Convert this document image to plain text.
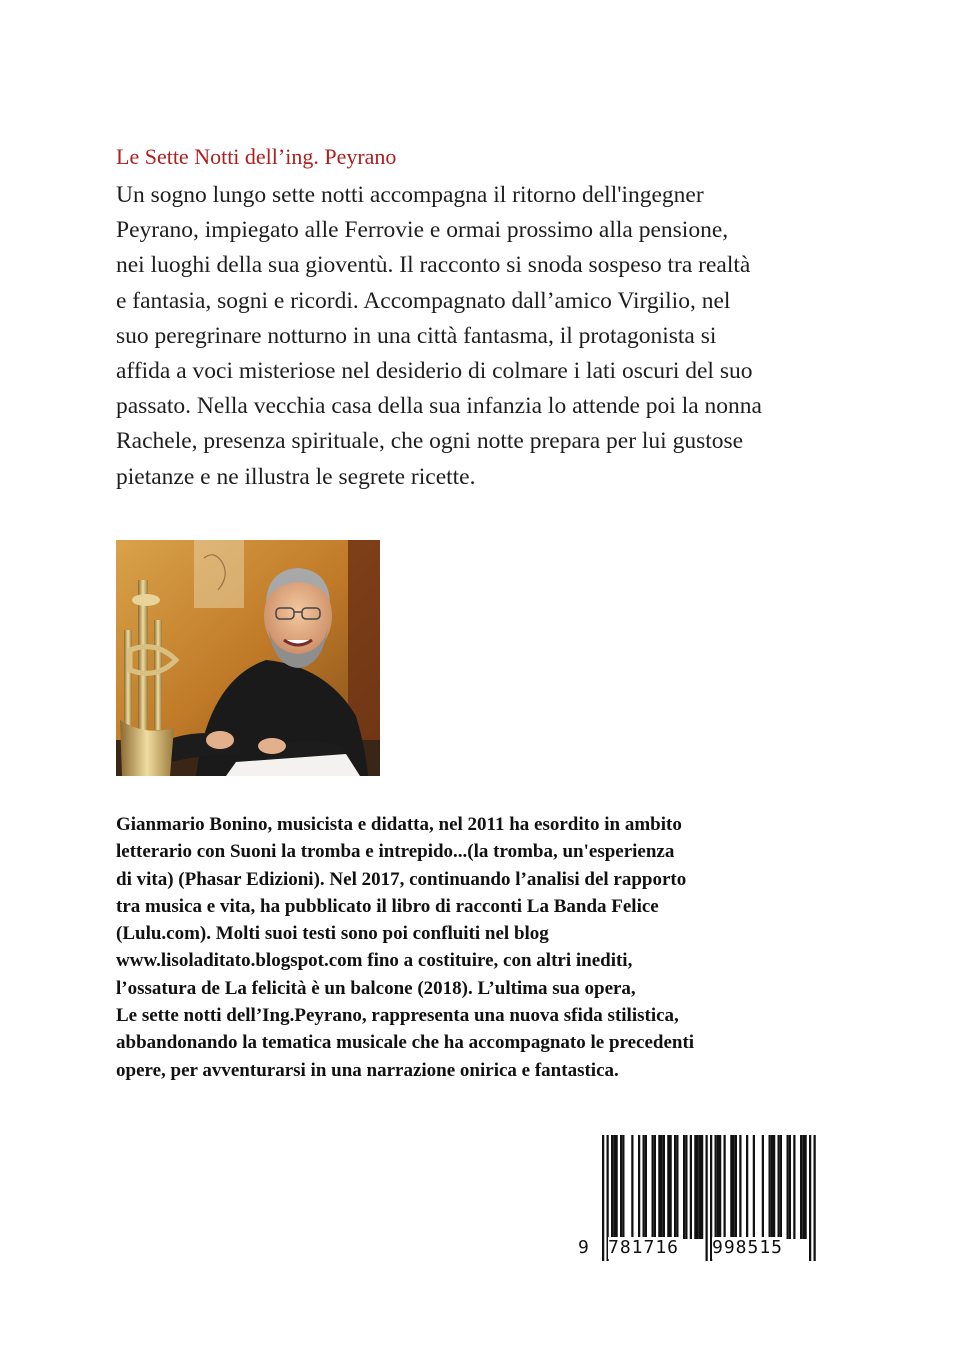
Le Sette Notti dell’ing. Peyrano
Un sogno lungo sette notti accompagna il ritorno dell'ingegner
Peyrano, impiegato alle Ferrovie e ormai prossimo alla pensione,
nei luoghi della sua gioventù. Il racconto si snoda sospeso tra realtà
e fantasia, sogni e ricordi. Accompagnato dall’amico Virgilio, nel
suo peregrinare notturno in una città fantasma, il protagonista si
affida a voci misteriose nel desiderio di colmare i lati oscuri del suo
passato. Nella vecchia casa della sua infanzia lo attende poi la nonna
Rachele, presenza spirituale, che ogni notte prepara per lui gustose
pietanze e ne illustra le segrete ricette.
Gianmario Bonino, musicista e didatta, nel 2011 ha esordito in ambito
letterario con Suoni la tromba e intrepido...(la tromba, un'esperienza
di vita) (Phasar Edizioni). Nel 2017, continuando l’analisi del rapporto
tra musica e vita, ha pubblicato il libro di racconti La Banda Felice
(Lulu.com). Molti suoi testi sono poi confluiti nel blog
www.lisoladitato.blogspot.com fino a costituire, con altri inediti,
l’ossatura de La felicità è un balcone (2018). L’ultima sua opera,
Le sette notti dell’Ing.Peyrano, rappresenta una nuova sfida stilistica,
abbandonando la tematica musicale che ha accompagnato le precedenti
opere, per avventurarsi in una narrazione onirica e fantastica.
9 781716 998515
